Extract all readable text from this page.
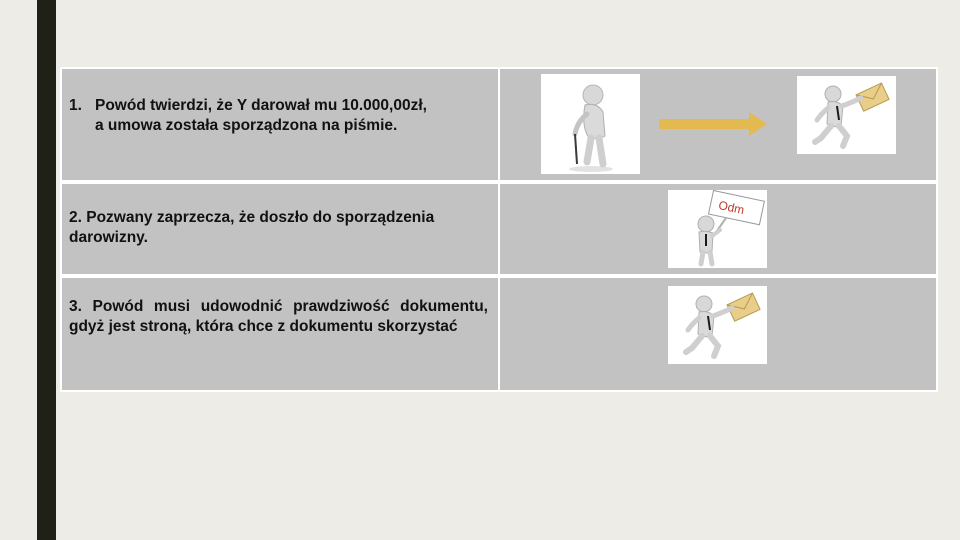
1. Powód twierdzi, że Y darował mu 10.000,00zł,
a umowa została sporządzona na piśmie.
2. Pozwany zaprzecza, że doszło do sporządzenia darowizny.
3. Powód musi udowodnić prawdziwość dokumentu, gdyż jest stroną, która chce z dokumentu skorzystać
Odm
